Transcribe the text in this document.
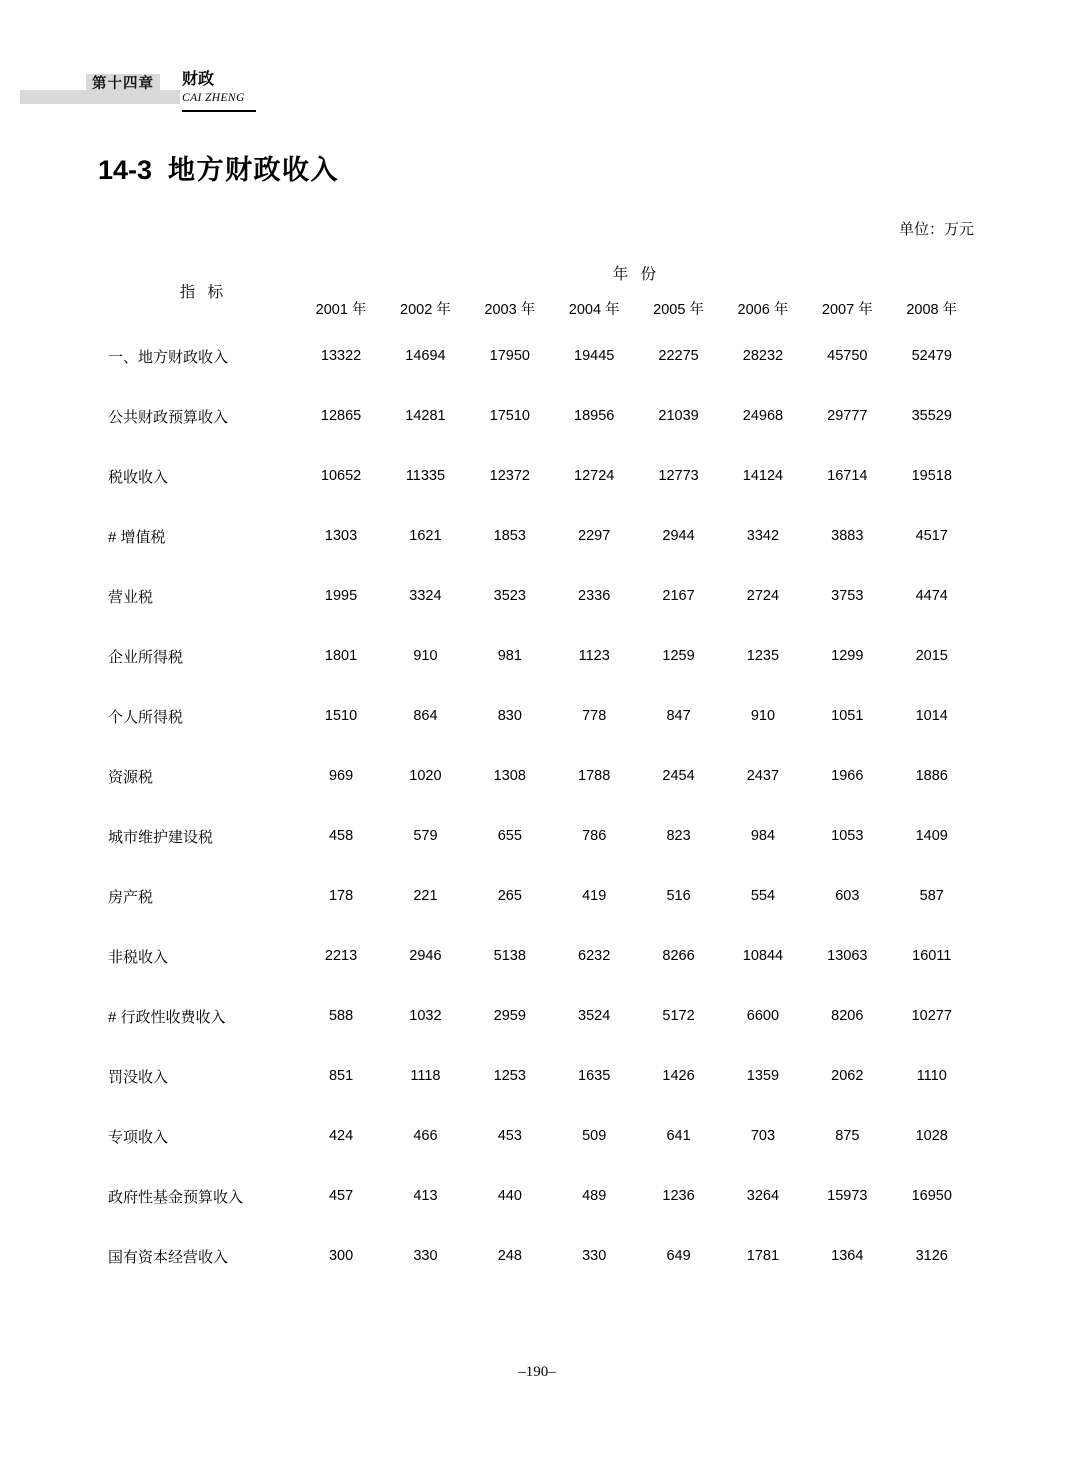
第十四章	财政
CAI ZHENG
14-3 地方财政收入
单位：万元
指 标	年 份							
	2001 年	2002 年	2003 年	2004 年	2005 年	2006 年	2007 年	2008 年
一、地方财政收入	13322	14694	17950	19445	22275	28232	45750	52479
公共财政预算收入	12865	14281	17510	18956	21039	24968	29777	35529
税收收入	10652	11335	12372	12724	12773	14124	16714	19518
# 增值税	1303	1621	1853	2297	2944	3342	3883	4517
营业税	1995	3324	3523	2336	2167	2724	3753	4474
企业所得税	1801	910	981	1123	1259	1235	1299	2015
个人所得税	1510	864	830	778	847	910	1051	1014
资源税	969	1020	1308	1788	2454	2437	1966	1886
城市维护建设税	458	579	655	786	823	984	1053	1409
房产税	178	221	265	419	516	554	603	587
非税收入	2213	2946	5138	6232	8266	10844	13063	16011
# 行政性收费收入	588	1032	2959	3524	5172	6600	8206	10277
罚没收入	851	1118	1253	1635	1426	1359	2062	1110
专项收入	424	466	453	509	641	703	875	1028
政府性基金预算收入	457	413	440	489	1236	3264	15973	16950
国有资本经营收入	300	330	248	330	649	1781	1364	3126

–190–
